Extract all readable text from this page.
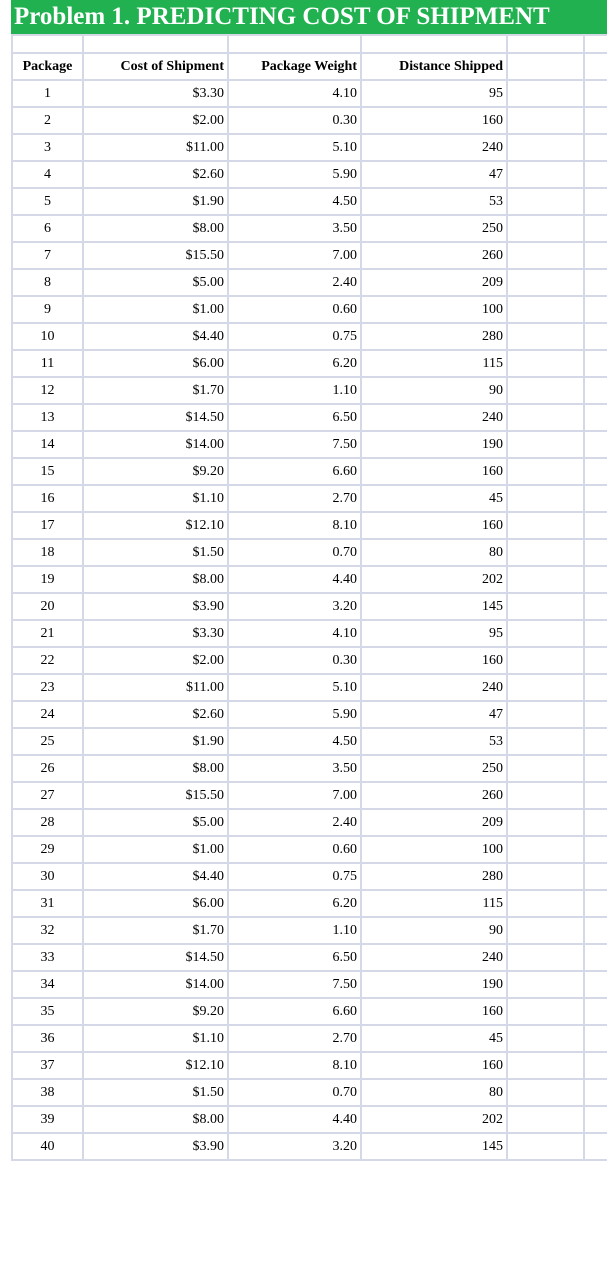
Problem 1. PREDICTING COST OF SHIPMENT

Package	Cost of Shipment	Package Weight	Distance Shipped		
1	$3.30	4.10	95		
2	$2.00	0.30	160		
3	$11.00	5.10	240		
4	$2.60	5.90	47		
5	$1.90	4.50	53		
6	$8.00	3.50	250		
7	$15.50	7.00	260		
8	$5.00	2.40	209		
9	$1.00	0.60	100		
10	$4.40	0.75	280		
11	$6.00	6.20	115		
12	$1.70	1.10	90		
13	$14.50	6.50	240		
14	$14.00	7.50	190		
15	$9.20	6.60	160		
16	$1.10	2.70	45		
17	$12.10	8.10	160		
18	$1.50	0.70	80		
19	$8.00	4.40	202		
20	$3.90	3.20	145		
21	$3.30	4.10	95		
22	$2.00	0.30	160		
23	$11.00	5.10	240		
24	$2.60	5.90	47		
25	$1.90	4.50	53		
26	$8.00	3.50	250		
27	$15.50	7.00	260		
28	$5.00	2.40	209		
29	$1.00	0.60	100		
30	$4.40	0.75	280		
31	$6.00	6.20	115		
32	$1.70	1.10	90		
33	$14.50	6.50	240		
34	$14.00	7.50	190		
35	$9.20	6.60	160		
36	$1.10	2.70	45		
37	$12.10	8.10	160		
38	$1.50	0.70	80		
39	$8.00	4.40	202		
40	$3.90	3.20	145		
